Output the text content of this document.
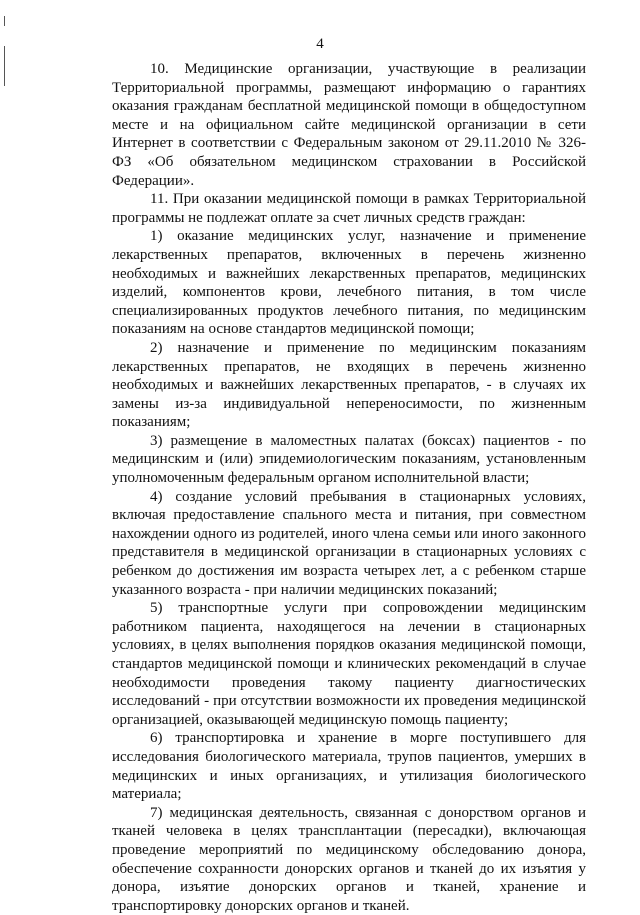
4

10. Медицинские организации, участвующие в реализации Территориальной программы, размещают информацию о гарантиях оказания гражданам бесплатной медицинской помощи в общедоступном месте и на официальном сайте медицинской организации в сети Интернет в соответствии с Федеральным законом от 29.11.2010 № 326-ФЗ «Об обязательном медицинском страховании в Российской Федерации».

11. При оказании медицинской помощи в рамках Территориальной программы не подлежат оплате за счет личных средств граждан:

1) оказание медицинских услуг, назначение и применение лекарственных препаратов, включенных в перечень жизненно необходимых и важнейших лекарственных препаратов, медицинских изделий, компонентов крови, лечебного питания, в том числе специализированных продуктов лечебного питания, по медицинским показаниям на основе стандартов медицинской помощи;

2) назначение и применение по медицинским показаниям лекарственных препаратов, не входящих в перечень жизненно необходимых и важнейших лекарственных препаратов, - в случаях их замены из-за индивидуальной непереносимости, по жизненным показаниям;

3) размещение в маломестных палатах (боксах) пациентов - по медицинским и (или) эпидемиологическим показаниям, установленным уполномоченным федеральным органом исполнительной власти;

4) создание условий пребывания в стационарных условиях, включая предоставление спального места и питания, при совместном нахождении одного из родителей, иного члена семьи или иного законного представителя в медицинской организации в стационарных условиях с ребенком до достижения им возраста четырех лет, а с ребенком старше указанного возраста - при наличии медицинских показаний;

5) транспортные услуги при сопровождении медицинским работником пациента, находящегося на лечении в стационарных условиях, в целях выполнения порядков оказания медицинской помощи, стандартов медицинской помощи и клинических рекомендаций в случае необходимости проведения такому пациенту диагностических исследований - при отсутствии возможности их проведения медицинской организацией, оказывающей медицинскую помощь пациенту;

6) транспортировка и хранение в морге поступившего для исследования биологического материала, трупов пациентов, умерших в медицинских и иных организациях, и утилизация биологического материала;

7) медицинская деятельность, связанная с донорством органов и тканей человека в целях трансплантации (пересадки), включающая проведение мероприятий по медицинскому обследованию донора, обеспечение сохранности донорских органов и тканей до их изъятия у донора, изъятие донорских органов и тканей, хранение и транспортировку донорских органов и тканей.
